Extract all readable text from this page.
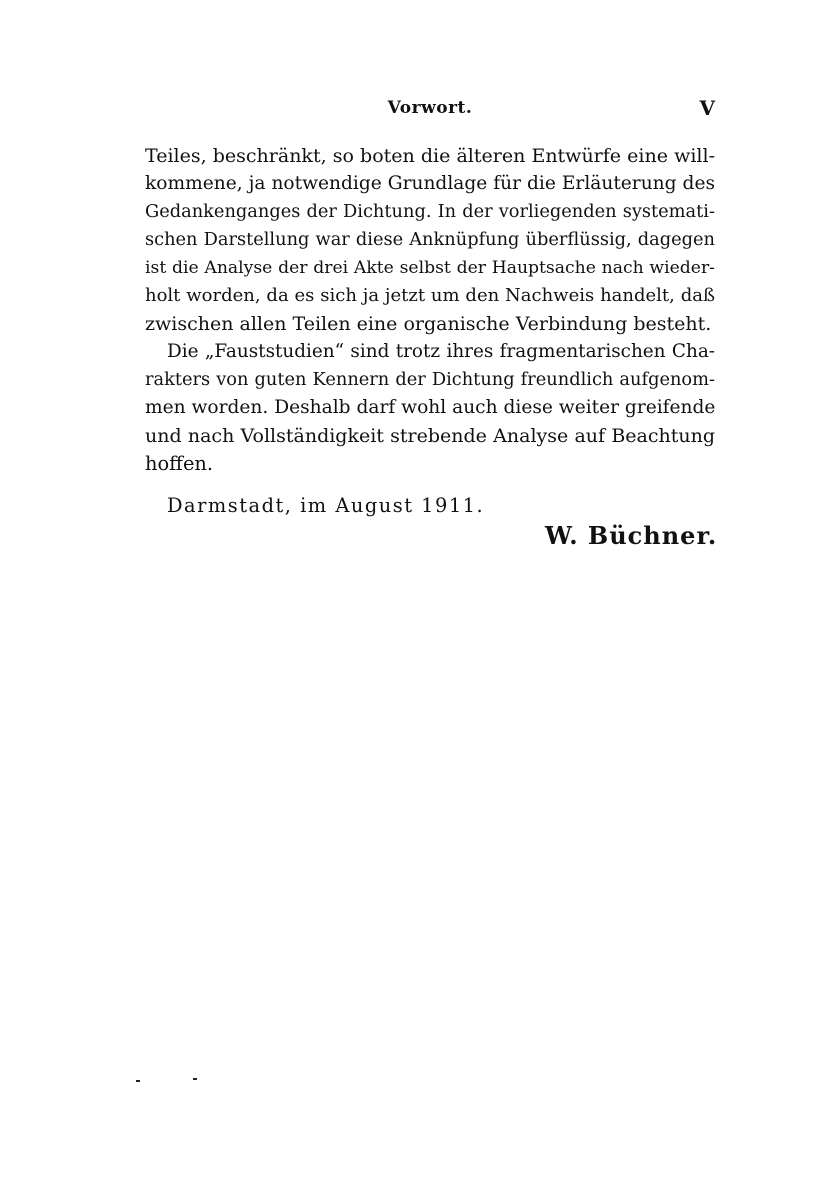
Vorwort.	V
Teiles, beschränkt, so boten die älteren Entwürfe eine will-
kommene, ja notwendige Grundlage für die Erläuterung des
Gedankenganges der Dichtung. In der vorliegenden systemati-
schen Darstellung war diese Anknüpfung überflüssig, dagegen
ist die Analyse der drei Akte selbst der Hauptsache nach wieder-
holt worden, da es sich ja jetzt um den Nachweis handelt, daß
zwischen allen Teilen eine organische Verbindung besteht.
Die „Fauststudien“ sind trotz ihres fragmentarischen Cha-
rakters von guten Kennern der Dichtung freundlich aufgenom-
men worden. Deshalb darf wohl auch diese weiter greifende
und nach Vollständigkeit strebende Analyse auf Beachtung
hoffen.
Darmstadt, im August 1911.
W. Büchner.
